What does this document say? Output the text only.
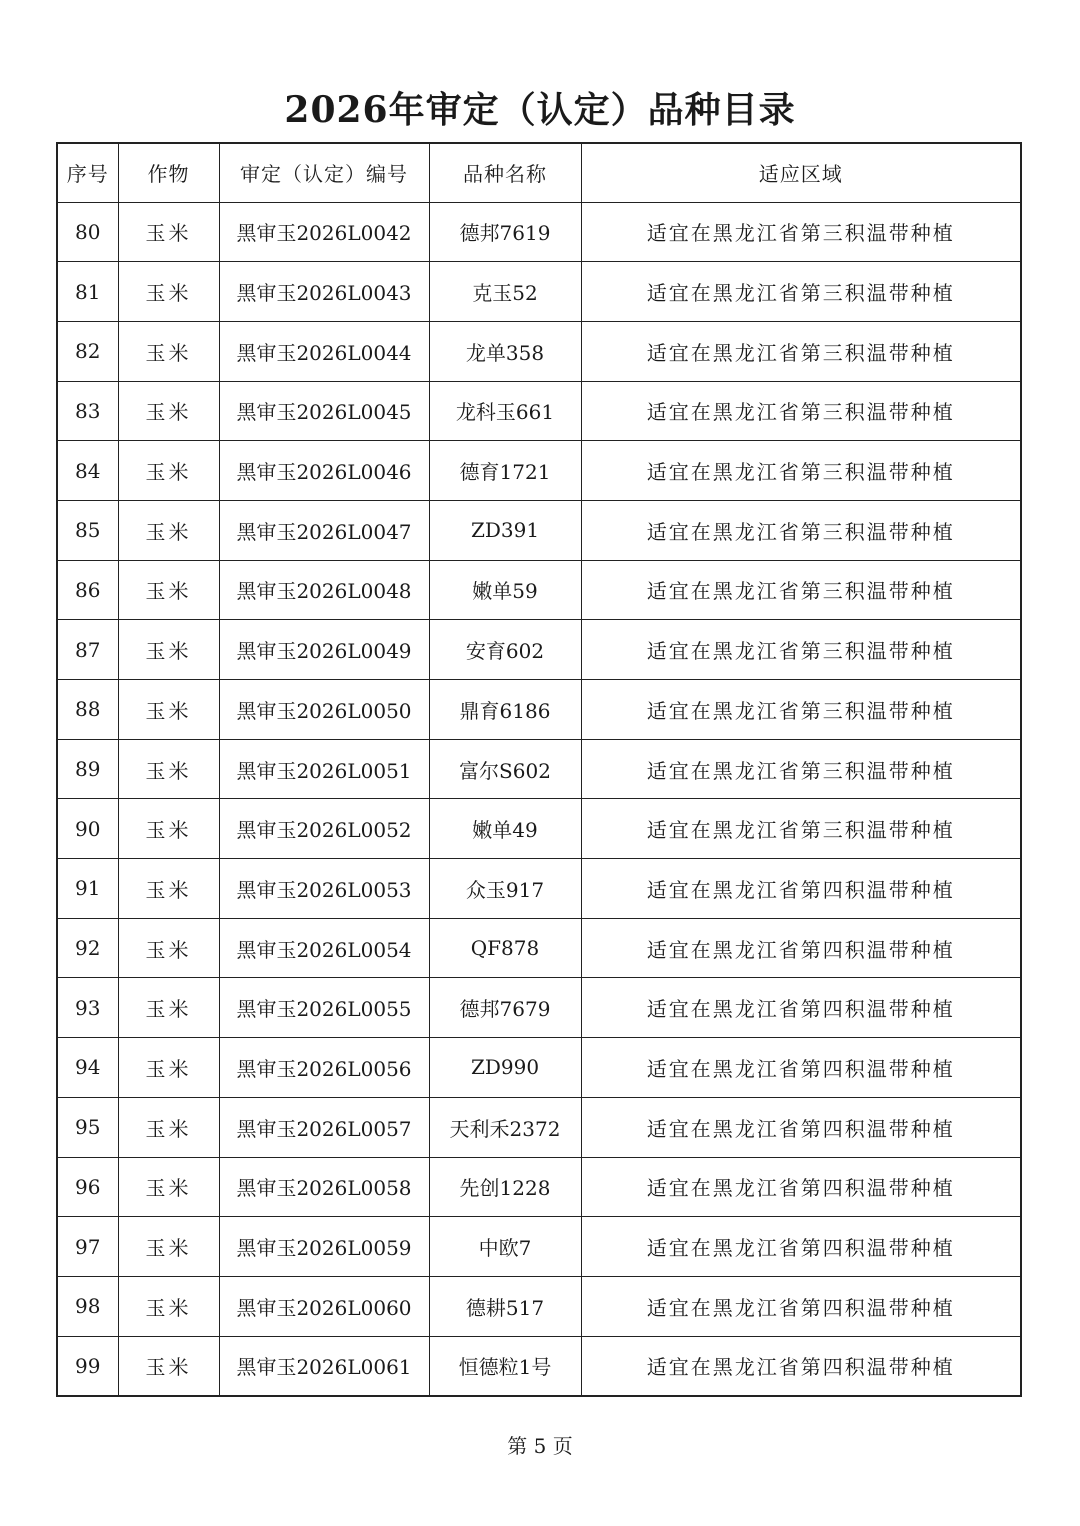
2026年审定（认定）品种目录
序号	作物	审定（认定）编号	品种名称	适应区域
80	玉米	黑审玉2026L0042	德邦7619	适宜在黑龙江省第三积温带种植
81	玉米	黑审玉2026L0043	克玉52	适宜在黑龙江省第三积温带种植
82	玉米	黑审玉2026L0044	龙单358	适宜在黑龙江省第三积温带种植
83	玉米	黑审玉2026L0045	龙科玉661	适宜在黑龙江省第三积温带种植
84	玉米	黑审玉2026L0046	德育1721	适宜在黑龙江省第三积温带种植
85	玉米	黑审玉2026L0047	ZD391	适宜在黑龙江省第三积温带种植
86	玉米	黑审玉2026L0048	嫩单59	适宜在黑龙江省第三积温带种植
87	玉米	黑审玉2026L0049	安育602	适宜在黑龙江省第三积温带种植
88	玉米	黑审玉2026L0050	鼎育6186	适宜在黑龙江省第三积温带种植
89	玉米	黑审玉2026L0051	富尔S602	适宜在黑龙江省第三积温带种植
90	玉米	黑审玉2026L0052	嫩单49	适宜在黑龙江省第三积温带种植
91	玉米	黑审玉2026L0053	众玉917	适宜在黑龙江省第四积温带种植
92	玉米	黑审玉2026L0054	QF878	适宜在黑龙江省第四积温带种植
93	玉米	黑审玉2026L0055	德邦7679	适宜在黑龙江省第四积温带种植
94	玉米	黑审玉2026L0056	ZD990	适宜在黑龙江省第四积温带种植
95	玉米	黑审玉2026L0057	天利禾2372	适宜在黑龙江省第四积温带种植
96	玉米	黑审玉2026L0058	先创1228	适宜在黑龙江省第四积温带种植
97	玉米	黑审玉2026L0059	中欧7	适宜在黑龙江省第四积温带种植
98	玉米	黑审玉2026L0060	德耕517	适宜在黑龙江省第四积温带种植
99	玉米	黑审玉2026L0061	恒德粒1号	适宜在黑龙江省第四积温带种植
第 5 页
